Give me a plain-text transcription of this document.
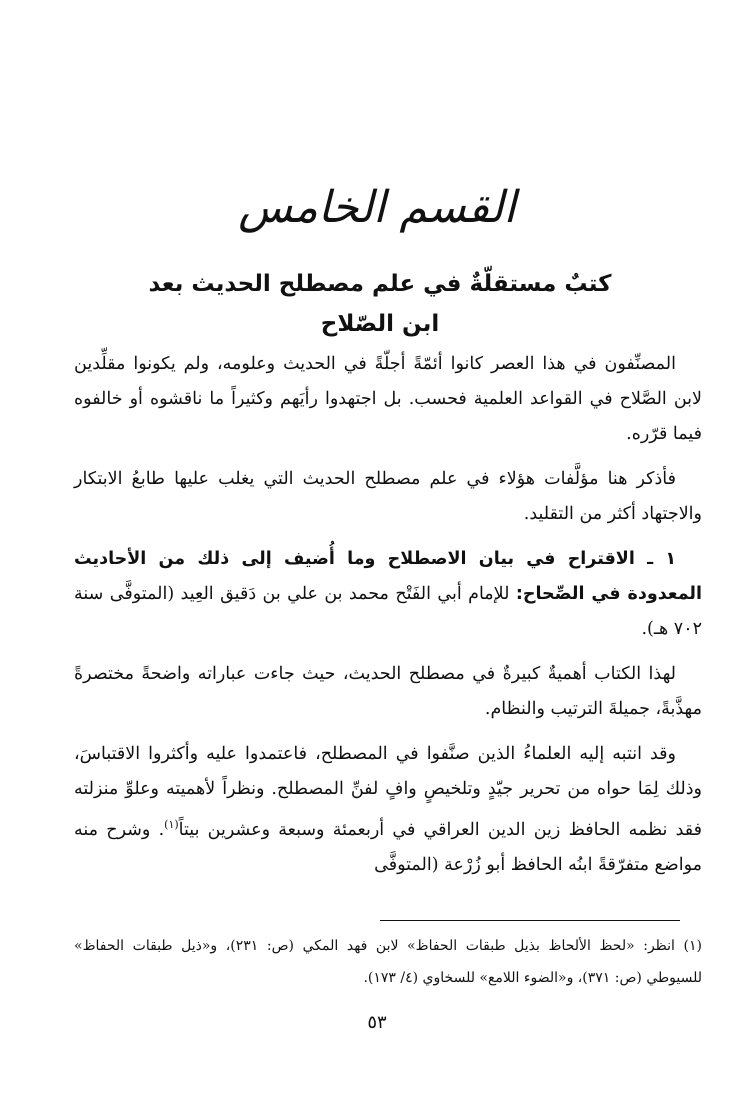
القسم الخامس
كتبٌ مستقلّةٌ في علم مصطلح الحديث بعد ابن الصّلاح

المصنِّفون في هذا العصر كانوا أئمّةً أجلّةً في الحديث وعلومه، ولم يكونوا مقلِّدين لابن الصَّلاح في القواعد العلمية فحسب. بل اجتهدوا رأيَهم وكثيراً ما ناقشوه أو خالفوه فيما قرّره.

فأذكر هنا مؤلَّفات هؤلاء في علم مصطلح الحديث التي يغلب عليها طابعُ الابتكار والاجتهاد أكثر من التقليد.

١ ـ الاقتراح في بيان الاصطلاح وما أُضيف إلى ذلك من الأحاديث المعدودة في الصِّحاح: للإمام أبي الفَتْح محمد بن علي بن دَقيق العِيد (المتوفَّى سنة ٧٠٢ هـ).

لهذا الكتاب أهميةٌ كبيرةٌ في مصطلح الحديث، حيث جاءت عباراته واضحةً مختصرةً مهذَّبةً، جميلةَ الترتيب والنظام.

وقد انتبه إليه العلماءُ الذين صنَّفوا في المصطلح، فاعتمدوا عليه وأكثروا الاقتباسَ، وذلك لِمَا حواه من تحرير جيّدٍ وتلخيصٍ وافٍ لفنِّ المصطلح. ونظراً لأهميته وعلوِّ منزلته فقد نظمه الحافظ زين الدين العراقي في أربعمئة وسبعة وعشرين بيتاً$^{(١)}$. وشرح منه مواضع متفرّقةً ابنُه الحافظ أبو زُرْعة (المتوفَّى

(١) انظر: «لحظ الألحاظ بذيل طبقات الحفاظ» لابن فهد المكي (ص: ٢٣١)، و«ذيل طبقات الحفاظ» للسيوطي (ص: ٣٧١)، و«الضوء اللامع» للسخاوي (٤/ ١٧٣).
٥٣
